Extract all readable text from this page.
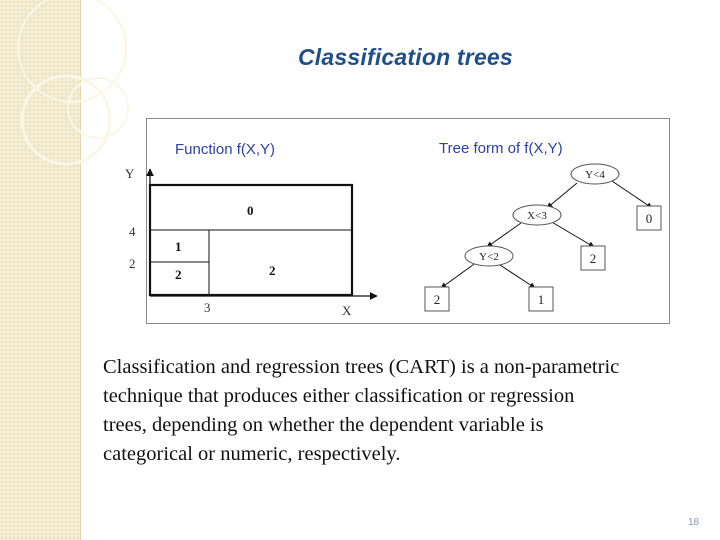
Classification trees
Function f(X,Y)
Y
X
4
2
3
0
1
2	2
Tree form of f(X,Y)
Y<4
X<3
Y<2
0
2
2	1

Classification and regression trees (CART) is a non-parametric
technique that produces either classification or regression
trees, depending on whether the dependent variable is
categorical or numeric, respectively.

18
